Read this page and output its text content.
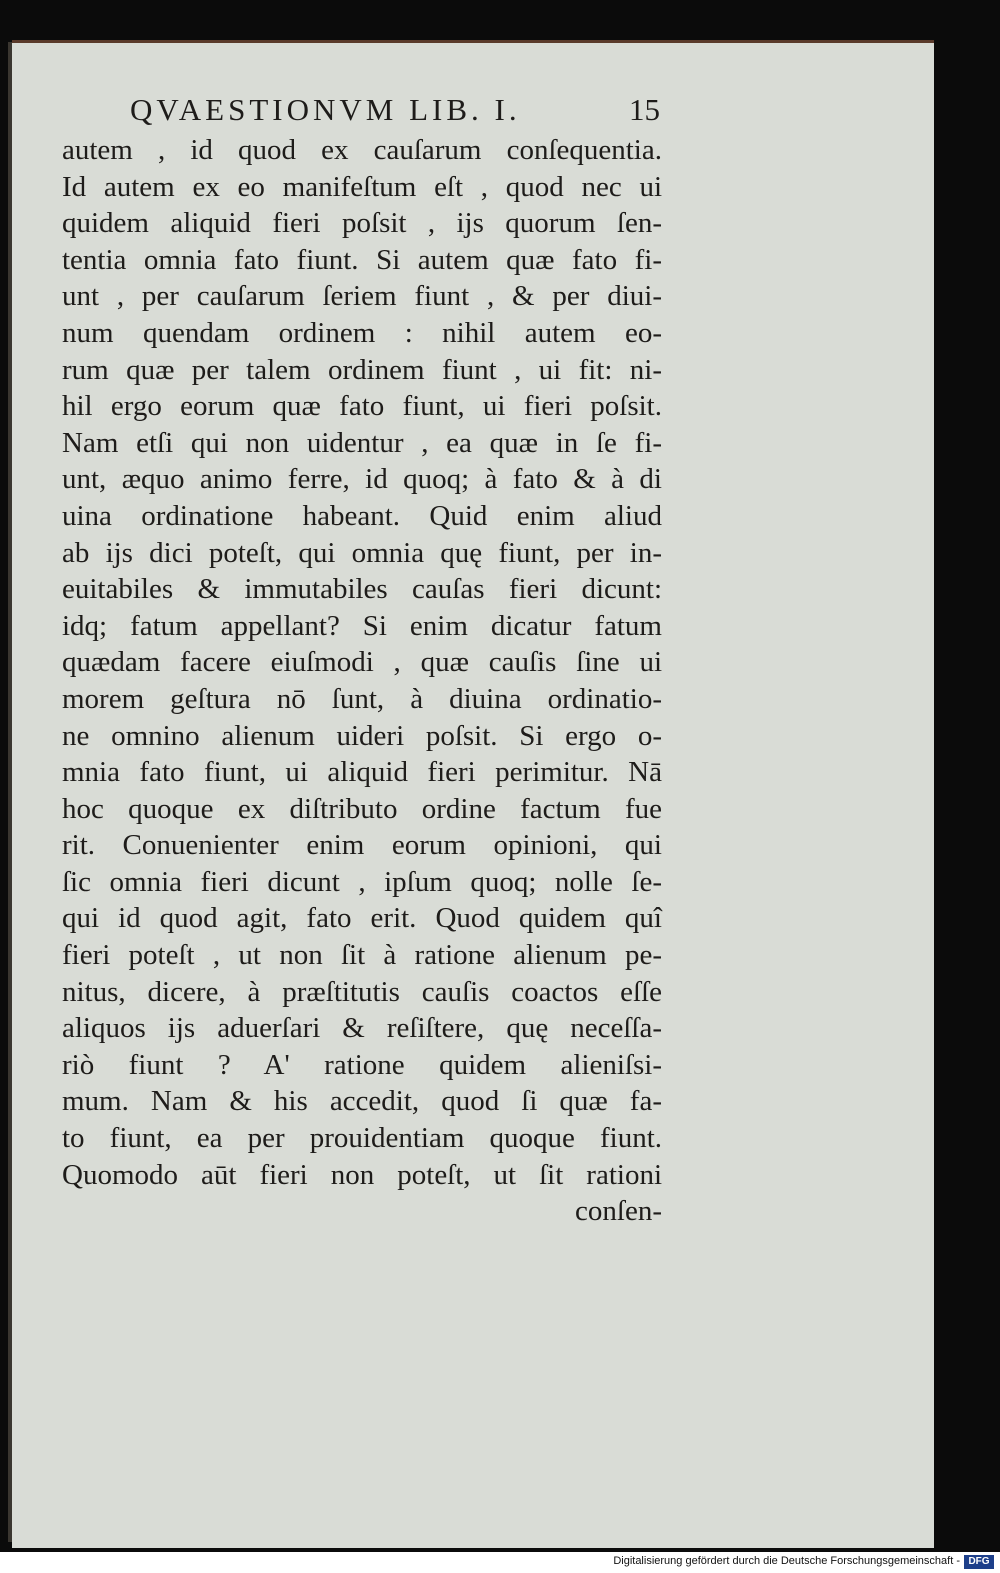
QVAESTIONVM LIB. I.	15
autem , id quod ex cauſarum conſequentia.
Id autem ex eo manifeſtum eſt , quod nec ui
quidem aliquid fieri poſsit , ijs quorum ſen-
tentia omnia fato fiunt. Si autem quæ fato fi-
unt , per cauſarum ſeriem fiunt , & per diui-
num quendam ordinem : nihil autem eo-
rum quæ per talem ordinem fiunt , ui fit: ni-
hil ergo eorum quæ fato fiunt, ui fieri poſsit.
Nam etſi qui non uidentur , ea quæ in ſe fi-
unt, æquo animo ferre, id quoq; à fato & à di
uina ordinatione habeant. Quid enim aliud
ab ijs dici poteſt, qui omnia quę fiunt, per in-
euitabiles & immutabiles cauſas fieri dicunt:
idq; fatum appellant? Si enim dicatur fatum
quædam facere eiuſmodi , quæ cauſis ſine ui
morem geſtura nō ſunt, à diuina ordinatio-
ne omnino alienum uideri poſsit. Si ergo o-
mnia fato fiunt, ui aliquid fieri perimitur. Nā
hoc quoque ex diſtributo ordine factum fue
rit. Conuenienter enim eorum opinioni, qui
ſic omnia fieri dicunt , ipſum quoq; nolle ſe-
qui id quod agit, fato erit. Quod quidem quî
fieri poteſt , ut non ſit à ratione alienum pe-
nitus, dicere, à præſtitutis cauſis coactos eſſe
aliquos ijs aduerſari & reſiſtere, quę neceſſa-
riò fiunt ? A' ratione quidem alieniſsi-
mum. Nam & his accedit, quod ſi quæ fa-
to fiunt, ea per prouidentiam quoque fiunt.
Quomodo aūt fieri non poteſt, ut ſit rationi
conſen-
Digitalisierung gefördert durch die Deutsche Forschungsgemeinschaft - DFG
